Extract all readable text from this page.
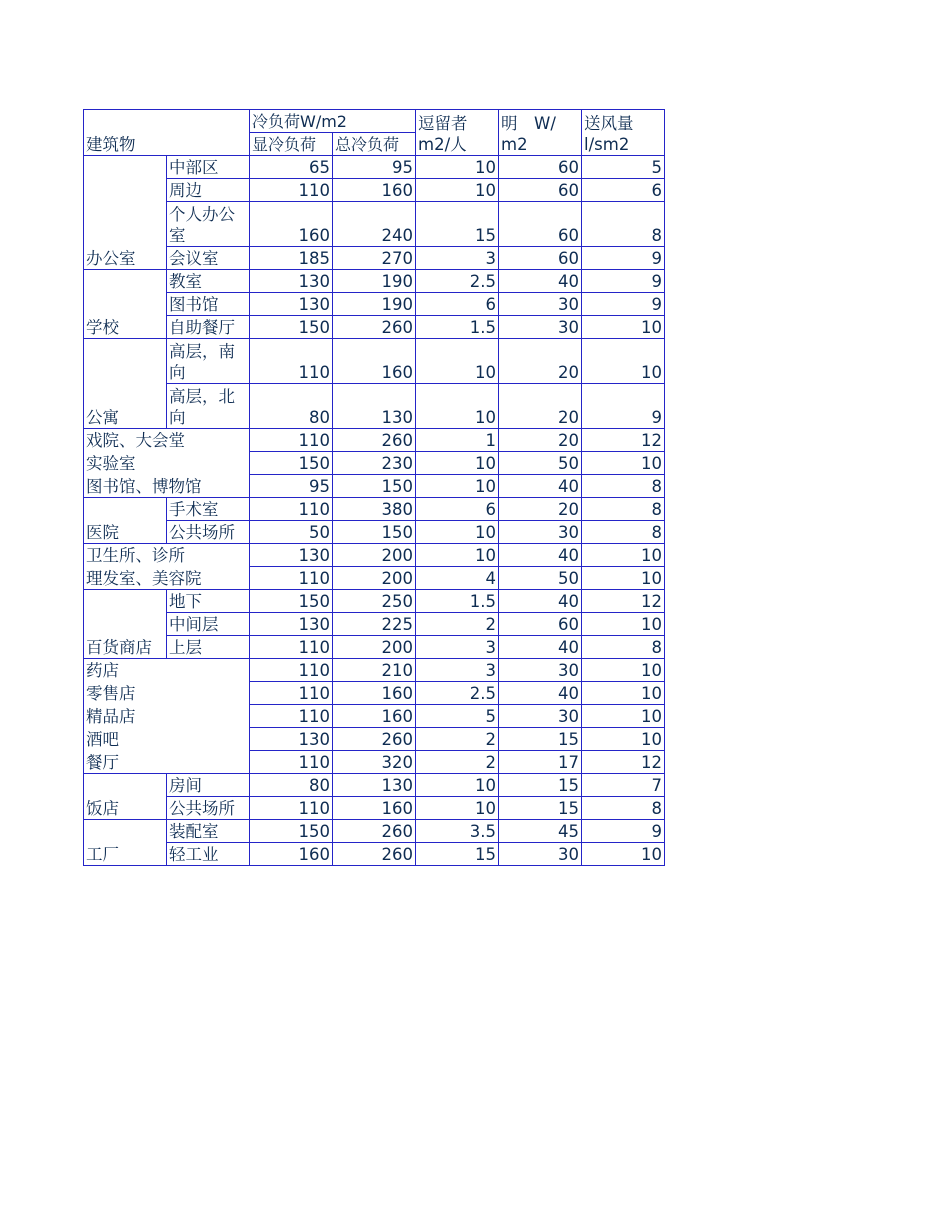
建筑物		冷负荷W/m2		逗留者m2/人	明　W/ m2	送风量 l/sm2
		显冷负荷	总冷负荷			
办公室	中部区	65	95	10	60	5
	周边	110	160	10	60	6
	个人办公室	160	240	15	60	8
	会议室	185	270	3	60	9
学校	教室	130	190	2.5	40	9
	图书馆	130	190	6	30	9
	自助餐厅	150	260	1.5	30	10
公寓	高层，南向	110	160	10	20	10
	高层，北向	80	130	10	20	9
戏院、大会堂		110	260	1	20	12
实验室		150	230	10	50	10
图书馆、博物馆		95	150	10	40	8
医院	手术室	110	380	6	20	8
	公共场所	50	150	10	30	8
卫生所、诊所		130	200	10	40	10
理发室、美容院		110	200	4	50	10
百货商店	地下	150	250	1.5	40	12
	中间层	130	225	2	60	10
	上层	110	200	3	40	8
药店		110	210	3	30	10
零售店		110	160	2.5	40	10
精品店		110	160	5	30	10
酒吧		130	260	2	15	10
餐厅		110	320	2	17	12
饭店	房间	80	130	10	15	7
	公共场所	110	160	10	15	8
工厂	装配室	150	260	3.5	45	9
	轻工业	160	260	15	30	10
